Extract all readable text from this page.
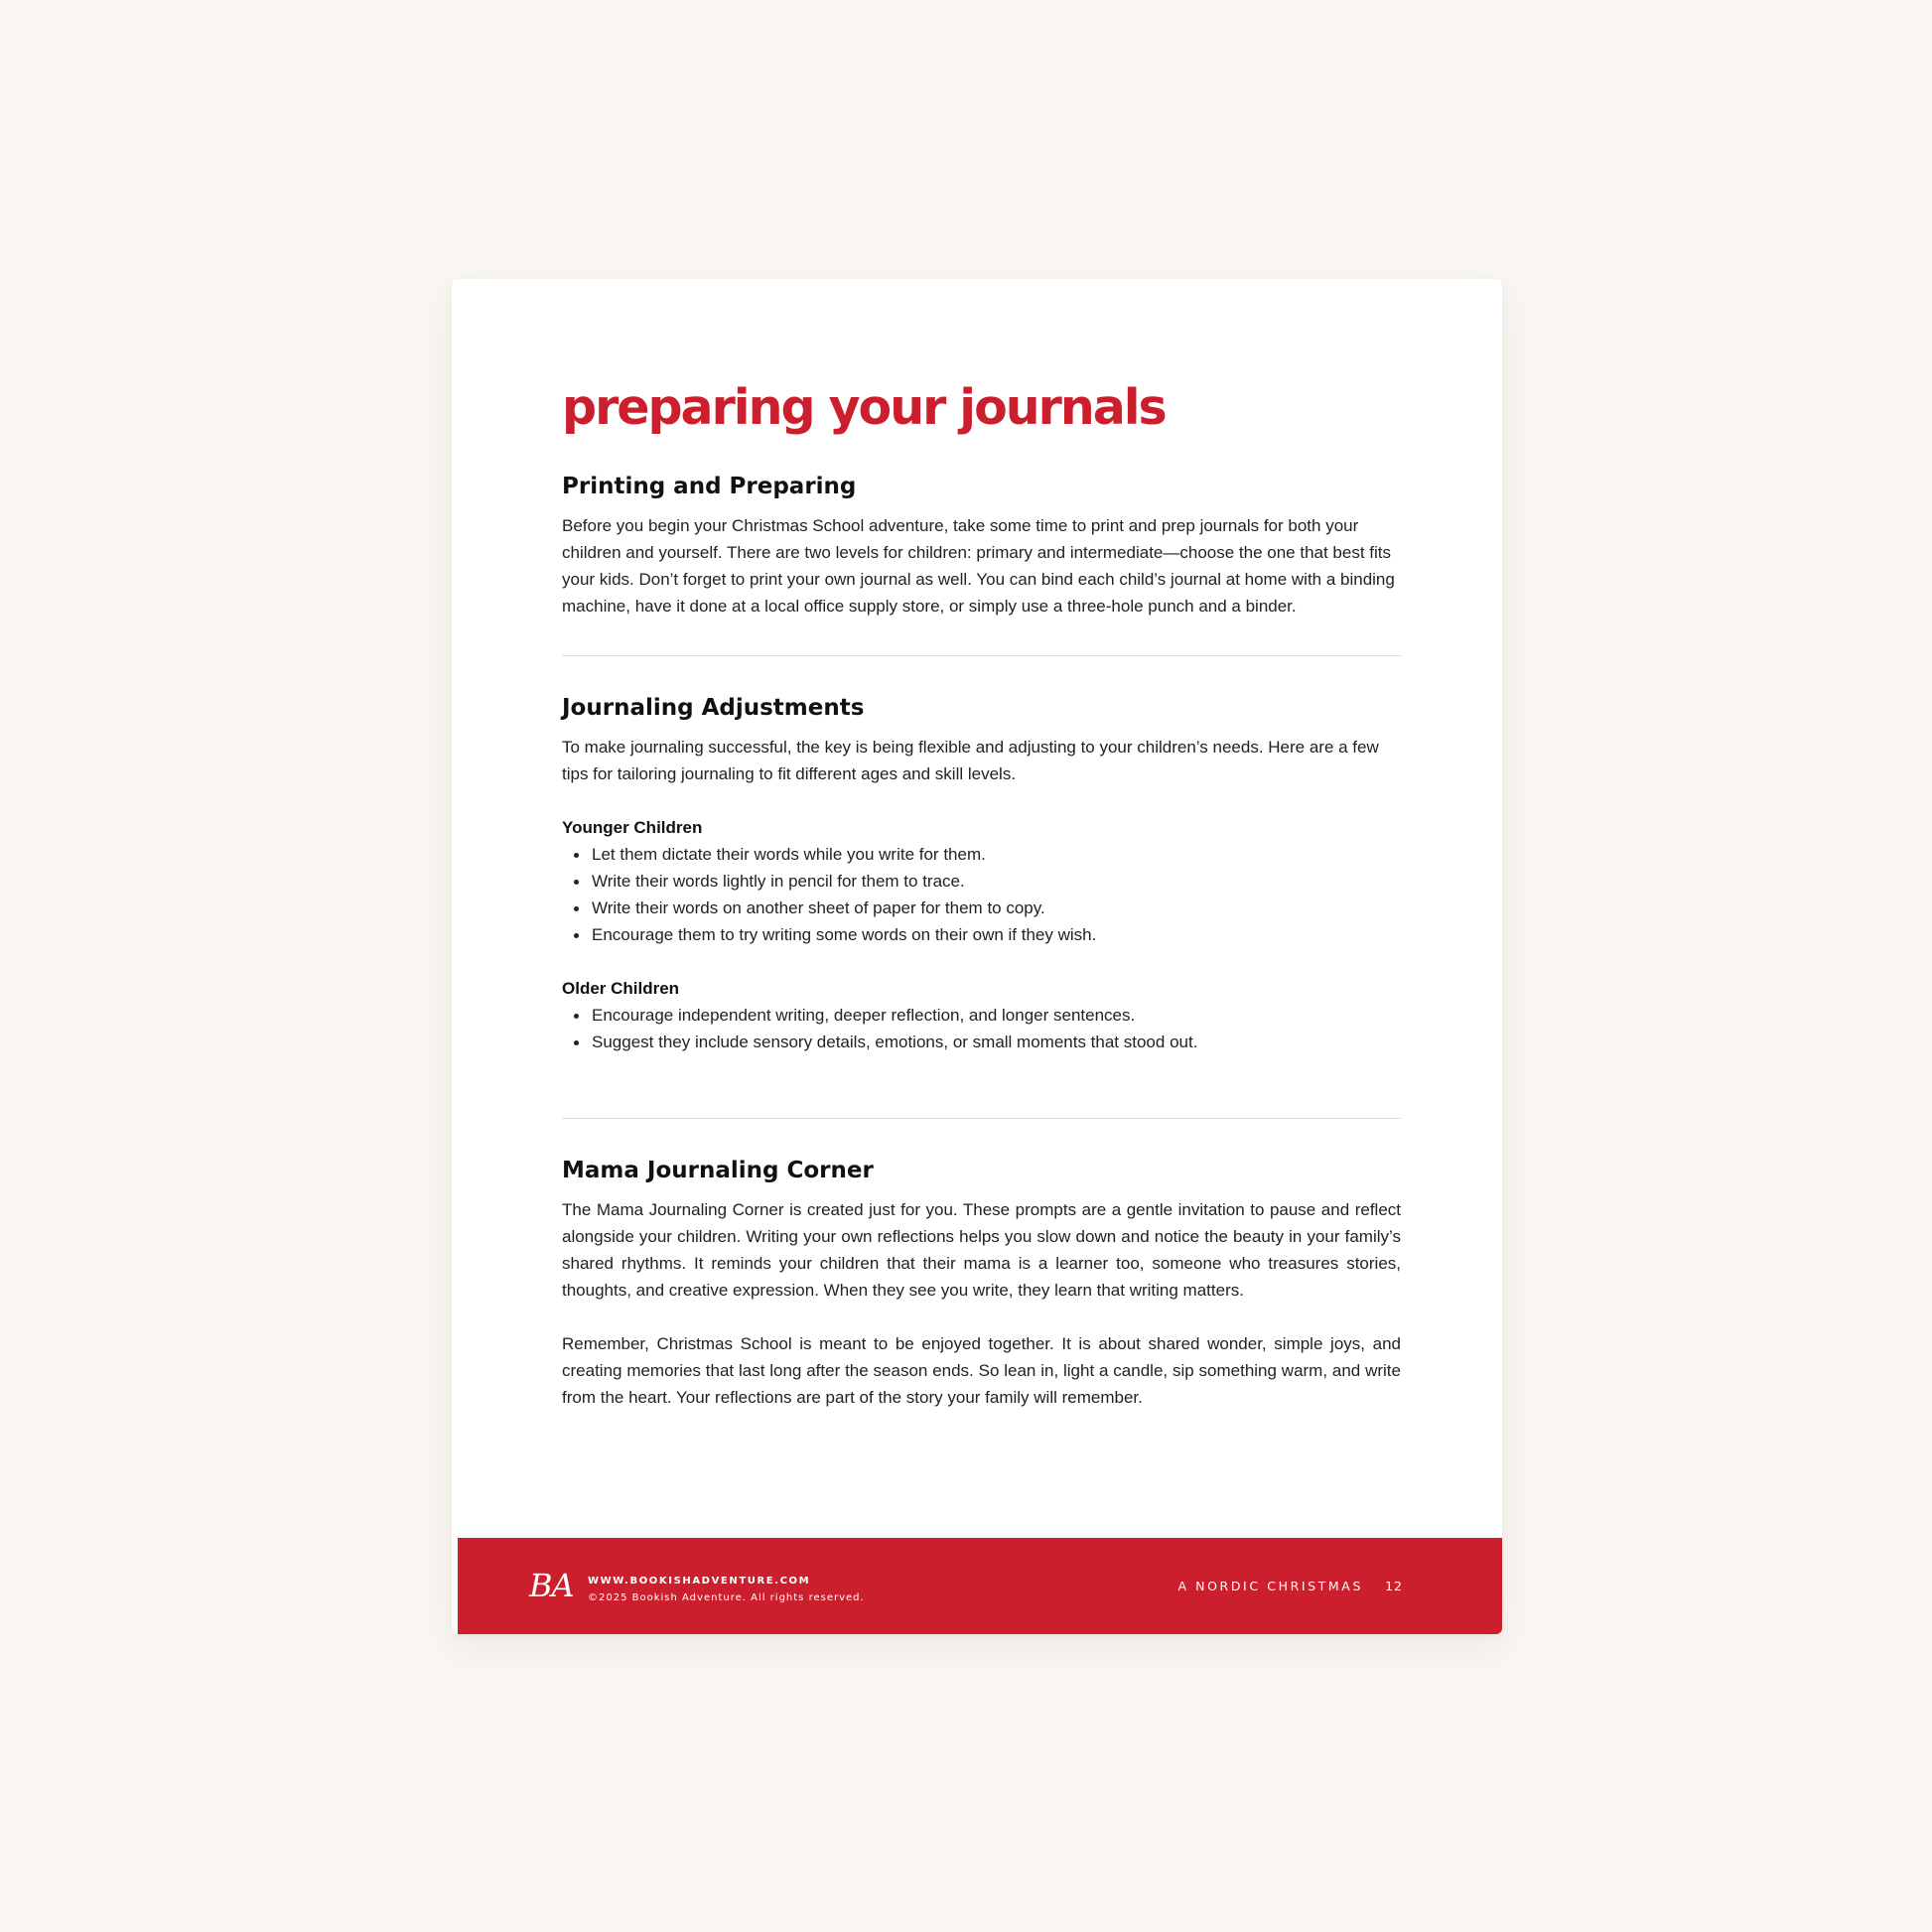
preparing your journals
Printing and Preparing

Before you begin your Christmas School adventure, take some time to print and prep journals for both your children and yourself. There are two levels for children: primary and intermediate—choose the one that best fits your kids. Don’t forget to print your own journal as well. You can bind each child’s journal at home with a binding machine, have it done at a local office supply store, or simply use a three-hole punch and a binder.

Journaling Adjustments

To make journaling successful, the key is being flexible and adjusting to your children’s needs. Here are a few tips for tailoring journaling to fit different ages and skill levels.

Younger Children

Let them dictate their words while you write for them.
Write their words lightly in pencil for them to trace.
Write their words on another sheet of paper for them to copy.
Encourage them to try writing some words on their own if they wish.

Older Children

Encourage independent writing, deeper reflection, and longer sentences.
Suggest they include sensory details, emotions, or small moments that stood out.
Mama Journaling Corner

The Mama Journaling Corner is created just for you. These prompts are a gentle invitation to pause and reflect alongside your children. Writing your own reflections helps you slow down and notice the beauty in your family’s shared rhythms. It reminds your children that their mama is a learner too, someone who treasures stories, thoughts, and creative expression. When they see you write, they learn that writing matters.

Remember, Christmas School is meant to be enjoyed together. It is about shared wonder, simple joys, and creating memories that last long after the season ends. So lean in, light a candle, sip something warm, and write from the heart. Your reflections are part of the story your family will remember.

BA WWW.BOOKISHADVENTURE.COM
©2025 Bookish Adventure. All rights reserved.
A NORDIC CHRISTMAS 12
